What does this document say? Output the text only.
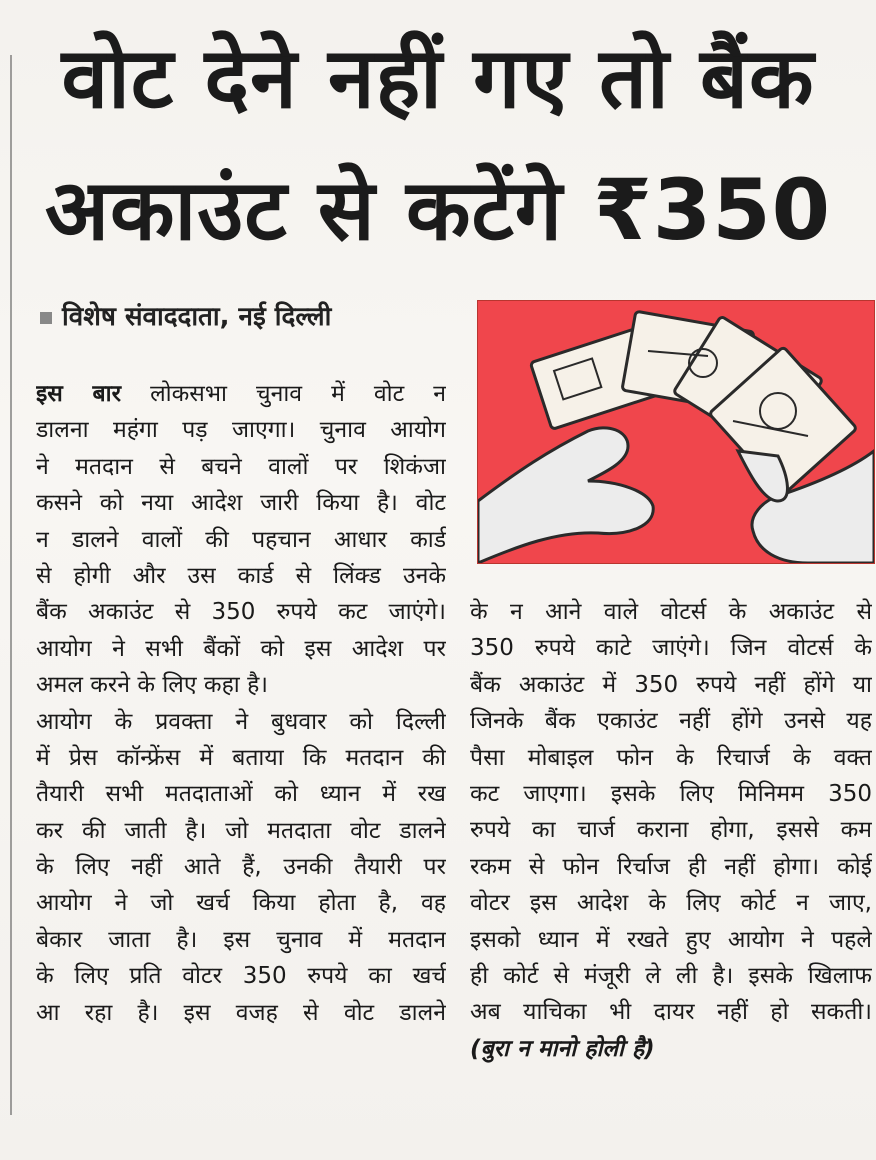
वोट देने नहीं गए तो बैंक
अकाउंट से कटेंगे ₹350
विशेष संवाददाता, नई दिल्ली
इस बार लोकसभा चुनाव में वोट न
डालना महंगा पड़ जाएगा। चुनाव आयोग
ने मतदान से बचने वालों पर शिकंजा
कसने को नया आदेश जारी किया है। वोट
न डालने वालों की पहचान आधार कार्ड
से होगी और उस कार्ड से लिंक्ड उनके
बैंक अकाउंट से 350 रुपये कट जाएंगे।
आयोग ने सभी बैंकों को इस आदेश पर
अमल करने के लिए कहा है।
आयोग के प्रवक्ता ने बुधवार को दिल्ली
में प्रेस कॉन्फ्रेंस में बताया कि मतदान की
तैयारी सभी मतदाताओं को ध्यान में रख
कर की जाती है। जो मतदाता वोट डालने
के लिए नहीं आते हैं, उनकी तैयारी पर
आयोग ने जो खर्च किया होता है, वह
बेकार जाता है। इस चुनाव में मतदान
के लिए प्रति वोटर 350 रुपये का खर्च
आ रहा है। इस वजह से वोट डालने
के न आने वाले वोटर्स के अकाउंट से
350 रुपये काटे जाएंगे। जिन वोटर्स के
बैंक अकाउंट में 350 रुपये नहीं होंगे या
जिनके बैंक एकाउंट नहीं होंगे उनसे यह
पैसा मोबाइल फोन के रिचार्ज के वक्त
कट जाएगा। इसके लिए मिनिमम 350
रुपये का चार्ज कराना होगा, इससे कम
रकम से फोन रिर्चाज ही नहीं होगा। कोई
वोटर इस आदेश के लिए कोर्ट न जाए,
इसको ध्यान में रखते हुए आयोग ने पहले
ही कोर्ट से मंजूरी ले ली है। इसके खिलाफ
अब याचिका भी दायर नहीं हो सकती।
(बुरा न मानो होली है)
